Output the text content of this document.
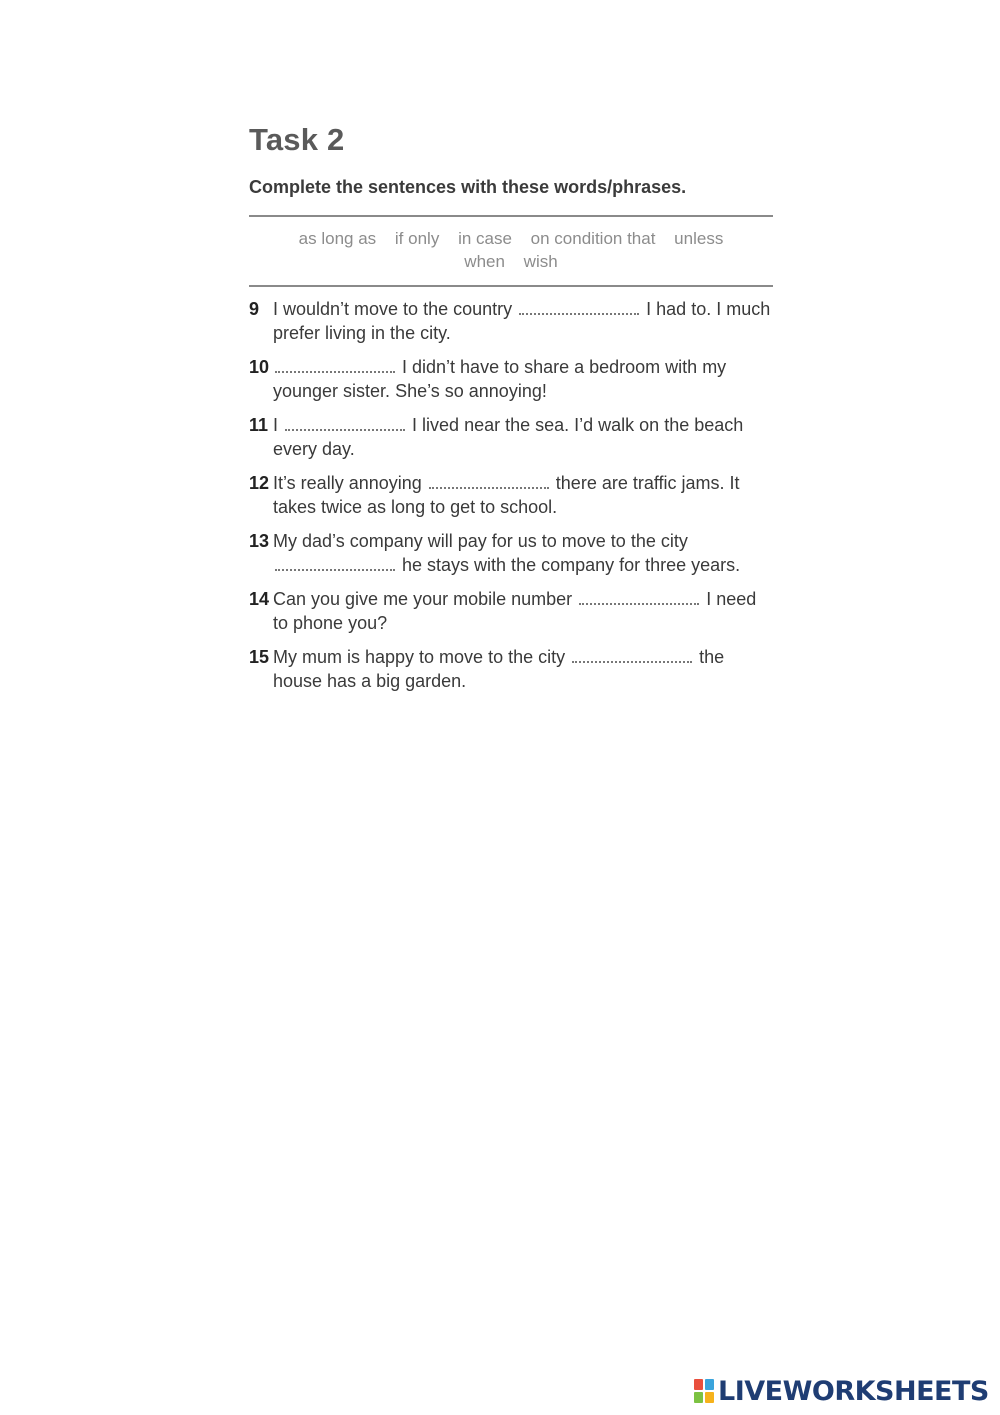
Task 2

Complete the sentences with these words/phrases.

as long as if only in case on condition that unless
when wish
9 I wouldn’t move to the country	I had to. I much prefer living in the city.
10	I didn’t have to share a bedroom with my younger sister. She’s so annoying!
11 I	I lived near the sea. I’d walk on the beach every day.
12 It’s really annoying	there are traffic jams. It takes twice as long to get to school.
13 My dad’s company will pay for us to move to the city  he stays with the company for three years.
14 Can you give me your mobile number	I need to phone you?
15 My mum is happy to move to the city	the house has a big garden.
LIVEWORKSHEETS
